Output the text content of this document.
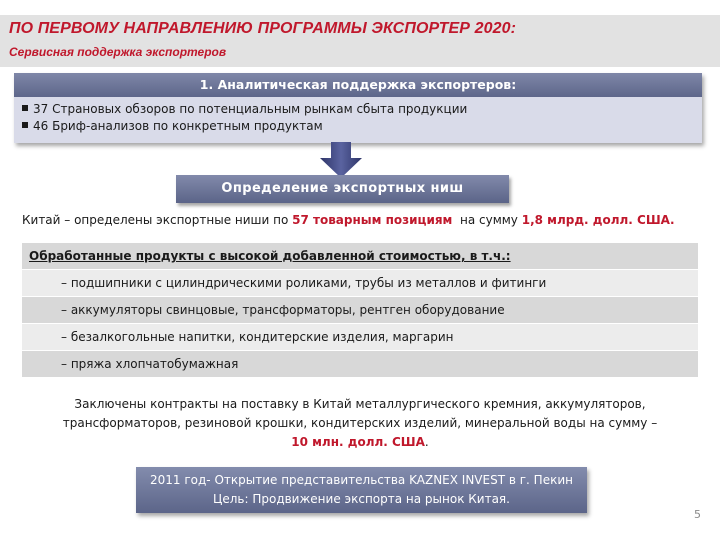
ПО ПЕРВОМУ НАПРАВЛЕНИЮ ПРОГРАММЫ ЭКСПОРТЕР 2020:
Сервисная поддержка экспортеров
1. Аналитическая поддержка экспортеров:
37 Страновых обзоров по потенциальным рынкам сбыта продукции
46 Бриф-анализов по конкретным продуктам
Определение экспортных ниш
Китай – определены экспортные ниши по 57 товарным позициям  на сумму 1,8 млрд. долл. США.
Обработанные продукты с высокой добавленной стоимостью, в т.ч.:
– подшипники с цилиндрическими роликами, трубы из металлов и фитинги
– аккумуляторы свинцовые, трансформаторы, рентген оборудование
– безалкогольные напитки, кондитерские изделия, маргарин
– пряжа хлопчатобумажная
Заключены контракты на поставку в Китай металлургического кремния, аккумуляторов, трансформаторов, резиновой крошки, кондитерских изделий, минеральной воды на сумму –
10 млн. долл. США.
2011 год- Открытие представительства KAZNEX INVEST в г. Пекин
Цель: Продвижение экспорта на рынок Китая.
5
